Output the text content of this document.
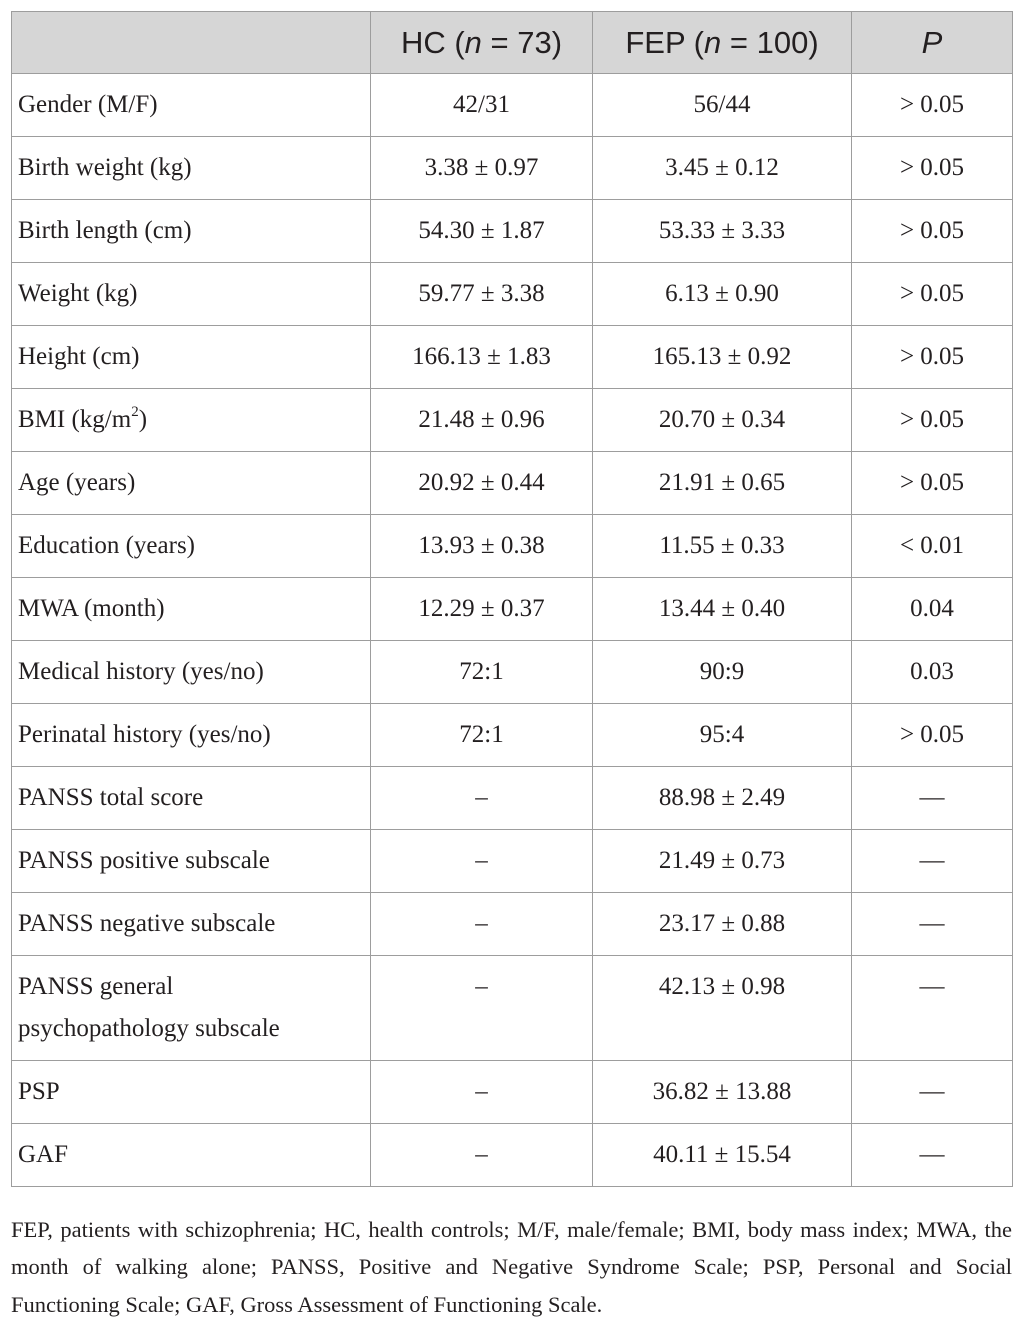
	HC (n = 73)	FEP (n = 100)	P
Gender (M/F)	42/31	56/44	> 0.05
Birth weight (kg)	3.38 ± 0.97	3.45 ± 0.12	> 0.05
Birth length (cm)	54.30 ± 1.87	53.33 ± 3.33	> 0.05
Weight (kg)	59.77 ± 3.38	6.13 ± 0.90	> 0.05
Height (cm)	166.13 ± 1.83	165.13 ± 0.92	> 0.05
BMI $(kg/m^2)$	21.48 ± 0.96	20.70 ± 0.34	> 0.05
Age (years)	20.92 ± 0.44	21.91 ± 0.65	> 0.05
Education (years)	13.93 ± 0.38	11.55 ± 0.33	< 0.01
MWA (month)	12.29 ± 0.37	13.44 ± 0.40	0.04
Medical history (yes/no)	72:1	90:9	0.03
Perinatal history (yes/no)	72:1	95:4	> 0.05
PANSS total score	–	88.98 ± 2.49	—
PANSS positive subscale	–	21.49 ± 0.73	—
PANSS negative subscale	–	23.17 ± 0.88	—
PANSS general
psychopathology subscale	–	42.13 ± 0.98	—
PSP	–	36.82 ± 13.88	—
GAF	–	40.11 ± 15.54	—

FEP, patients with schizophrenia; HC, health controls; M/F, male/female; BMI, body mass index; MWA, the month of walking alone; PANSS, Positive and Negative Syndrome Scale; PSP, Personal and Social Functioning Scale; GAF, Gross Assessment of Functioning Scale.
